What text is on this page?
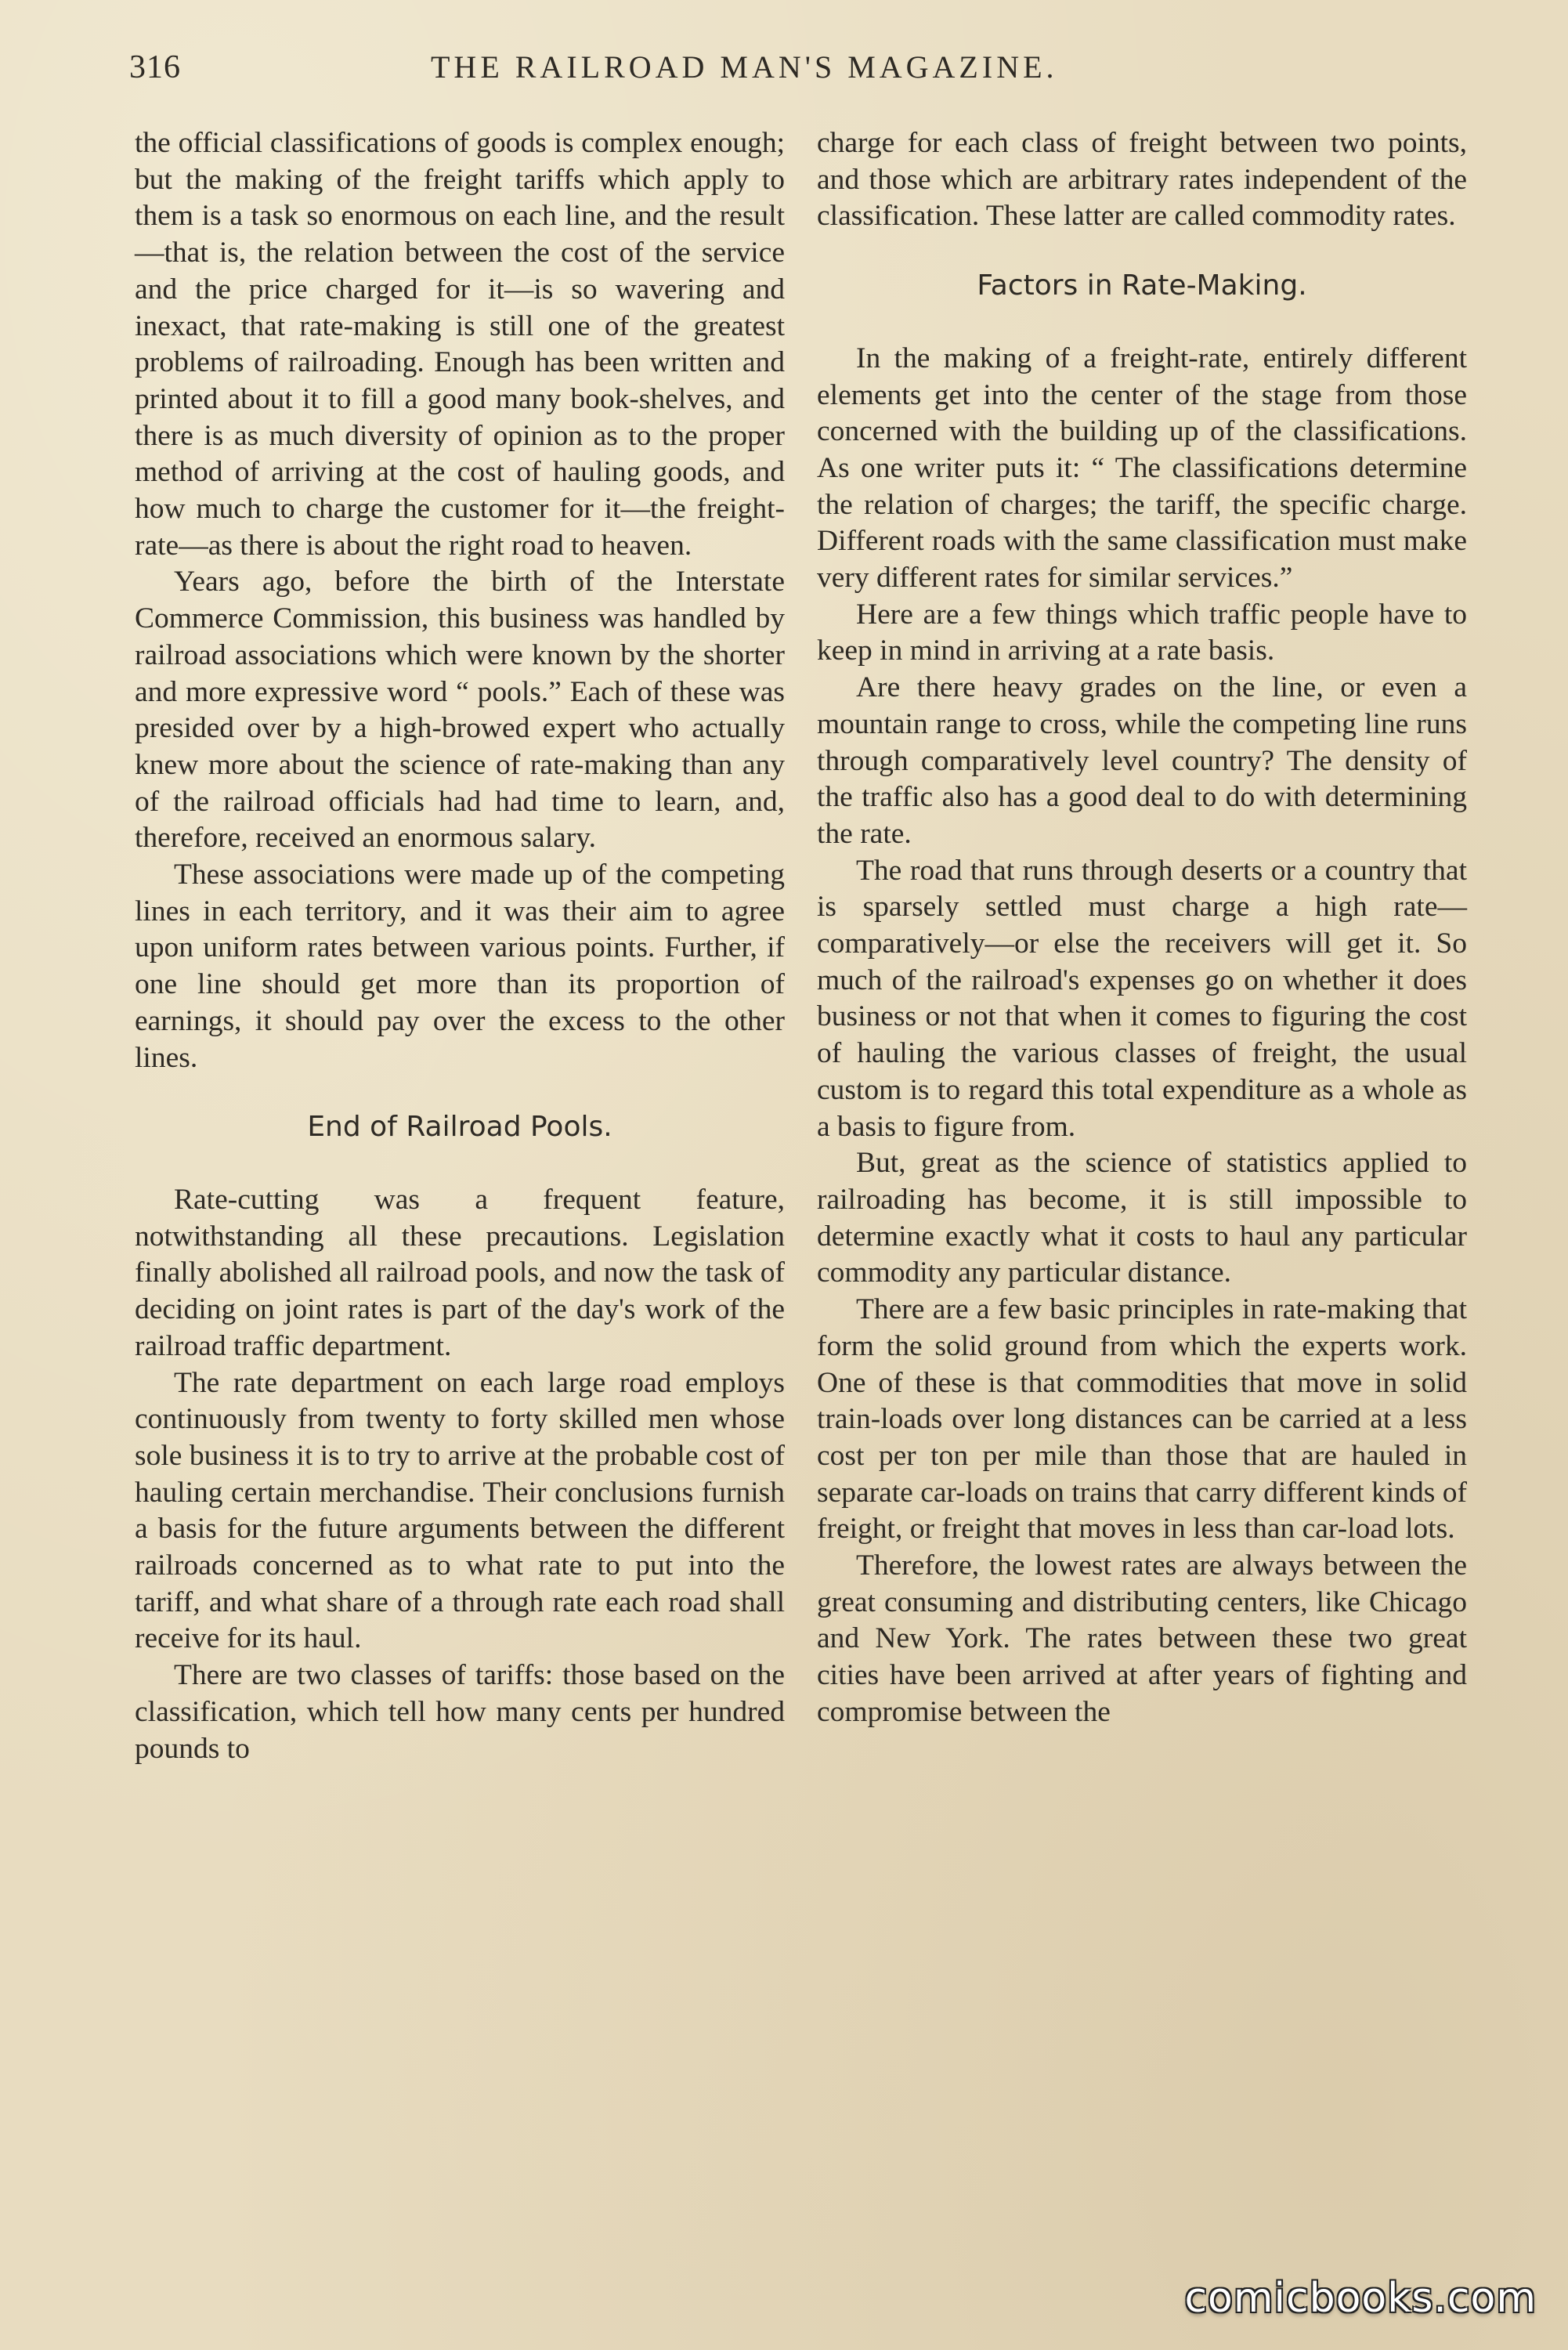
316	THE RAILROAD MAN'S MAGAZINE.

the official classifications of goods is complex enough; but the making of the freight tariffs which apply to them is a task so enormous on each line, and the result—that is, the relation between the cost of the service and the price charged for it—is so wavering and inexact, that rate-making is still one of the greatest problems of railroading. Enough has been written and printed about it to fill a good many book-shelves, and there is as much diversity of opinion as to the proper method of arriving at the cost of hauling goods, and how much to charge the customer for it—the freight-rate—as there is about the right road to heaven.

Years ago, before the birth of the Interstate Commerce Commission, this business was handled by railroad associations which were known by the shorter and more expressive word “ pools.” Each of these was presided over by a high-browed expert who actually knew more about the science of rate-making than any of the railroad officials had had time to learn, and, therefore, received an enormous salary.

These associations were made up of the competing lines in each territory, and it was their aim to agree upon uniform rates between various points. Further, if one line should get more than its proportion of earnings, it should pay over the excess to the other lines.

End of Railroad Pools.

Rate-cutting was a frequent feature, notwithstanding all these precautions. Legislation finally abolished all railroad pools, and now the task of deciding on joint rates is part of the day's work of the railroad traffic department.

The rate department on each large road employs continuously from twenty to forty skilled men whose sole business it is to try to arrive at the probable cost of hauling certain merchandise. Their conclusions furnish a basis for the future arguments between the different railroads concerned as to what rate to put into the tariff, and what share of a through rate each road shall receive for its haul.

There are two classes of tariffs: those based on the classification, which tell how many cents per hundred pounds to

charge for each class of freight between two points, and those which are arbitrary rates independent of the classification. These latter are called commodity rates.

Factors in Rate-Making.

In the making of a freight-rate, entirely different elements get into the center of the stage from those concerned with the building up of the classifications. As one writer puts it: “ The classifications determine the relation of charges; the tariff, the specific charge. Different roads with the same classification must make very different rates for similar services.”

Here are a few things which traffic people have to keep in mind in arriving at a rate basis.

Are there heavy grades on the line, or even a mountain range to cross, while the competing line runs through comparatively level country? The density of the traffic also has a good deal to do with determining the rate.

The road that runs through deserts or a country that is sparsely settled must charge a high rate—comparatively—or else the receivers will get it. So much of the railroad's expenses go on whether it does business or not that when it comes to figuring the cost of hauling the various classes of freight, the usual custom is to regard this total expenditure as a whole as a basis to figure from.

But, great as the science of statistics applied to railroading has become, it is still impossible to determine exactly what it costs to haul any particular commodity any particular distance.

There are a few basic principles in rate-making that form the solid ground from which the experts work. One of these is that commodities that move in solid train-loads over long distances can be carried at a less cost per ton per mile than those that are hauled in separate car-loads on trains that carry different kinds of freight, or freight that moves in less than car-load lots.

Therefore, the lowest rates are always between the great consuming and distributing centers, like Chicago and New York. The rates between these two great cities have been arrived at after years of fighting and compromise between the

comicbooks.com
